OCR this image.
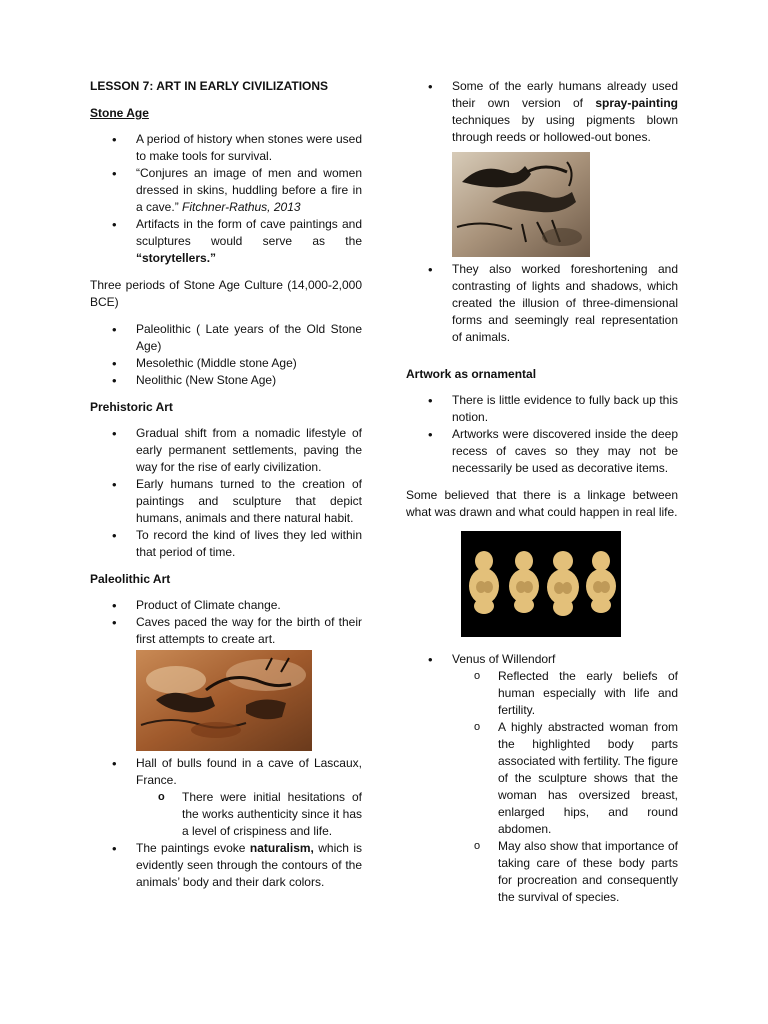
LESSON 7: ART IN EARLY CIVILIZATIONS

Stone Age

• A period of history when stones were used to make tools for survival.
• “Conjures an image of men and women dressed in skins, huddling before a fire in a cave.” Fitchner-Rathus, 2013
• Artifacts in the form of cave paintings and sculptures would serve as the “storytellers.”

Three periods of Stone Age Culture (14,000-2,000 BCE)

• Paleolithic ( Late years of the Old Stone Age)
• Mesolethic (Middle stone Age)
• Neolithic (New Stone Age)

Prehistoric Art

• Gradual shift from a nomadic lifestyle of early permanent settlements, paving the way for the rise of early civilization.
• Early humans turned to the creation of paintings and sculpture that depict humans, animals and there natural habit.
• To record the kind of lives they led within that period of time.

Paleolithic Art

• Product of Climate change.
• Caves paced the way for the birth of their first attempts to create art.
• Hall of bulls found in a cave of Lascaux, France.
o There were initial hesitations of the works authenticity since it has a level of crispiness and life.
• The paintings evoke naturalism, which is evidently seen through the contours of the animals’ body and their dark colors.
• Some of the early humans already used their own version of spray-painting techniques by using pigments blown through reeds or hollowed-out bones.
• They also worked foreshortening and contrasting of lights and shadows, which created the illusion of three-dimensional forms and seemingly real representation of animals.

Artwork as ornamental

• There is little evidence to fully back up this notion.
• Artworks were discovered inside the deep recess of caves so they may not be necessarily be used as decorative items.

Some believed that there is a linkage between what was drawn and what could happen in real life.

• Venus of Willendorf
o Reflected the early beliefs of human especially with life and fertility.
o A highly abstracted woman from the highlighted body parts associated with fertility. The figure of the sculpture shows that the woman has oversized breast, enlarged hips, and round abdomen.
o May also show that importance of taking care of these body parts for procreation and consequently the survival of species.
